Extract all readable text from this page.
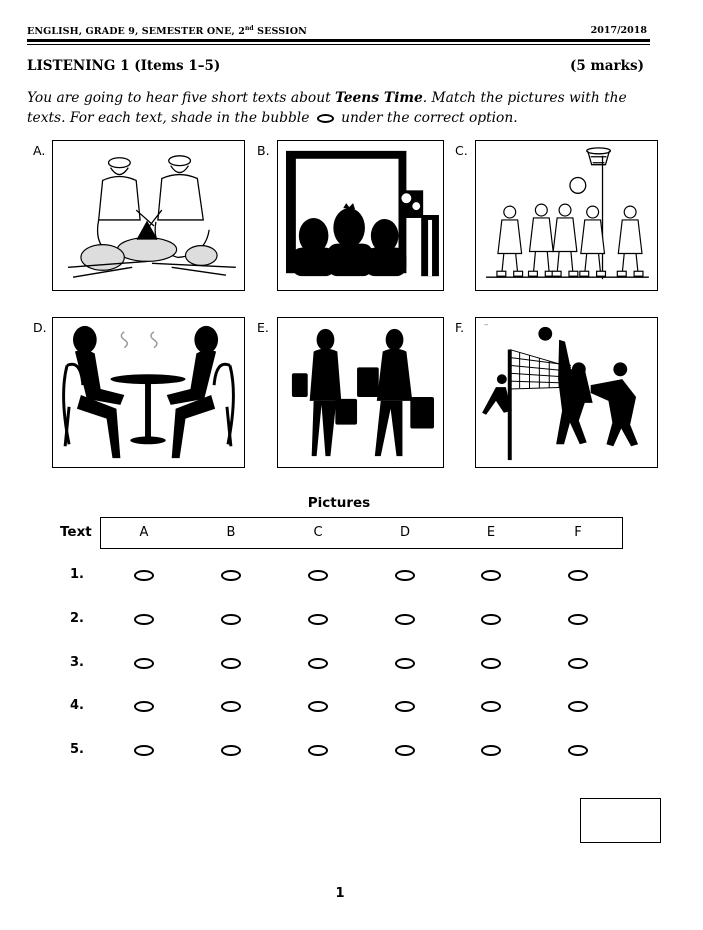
ENGLISH, GRADE 9, SEMESTER ONE, 2nd SESSION	2017/2018
LISTENING 1 (Items 1–5)	(5 marks)
You are going to hear five short texts about Teens Time. Match the pictures with the texts. For each text, shade in the bubble under the correct option.
A.	B.	C.
D.	E.	F. –
Pictures
Text	A	B	C	D	E	F
1.
2.
3.
4.
5.
1
